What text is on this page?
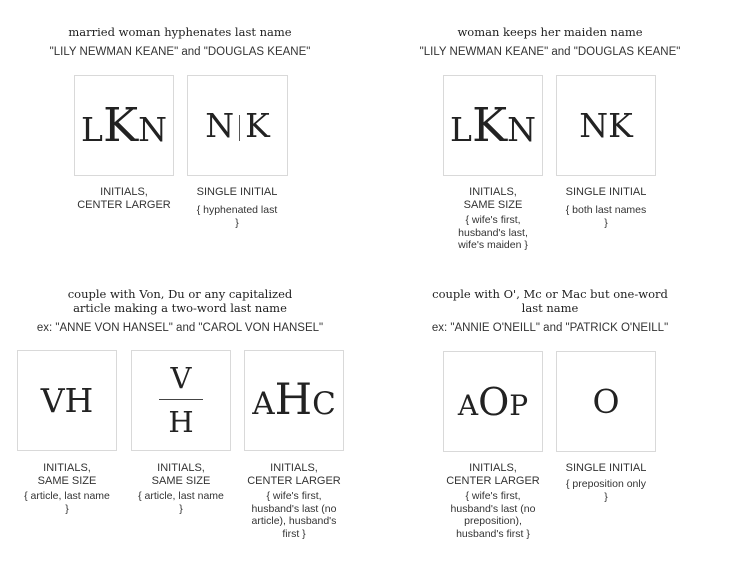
married woman hyphenates last name
"LILY NEWMAN KEANE" and "DOUGLAS KEANE"
LKN N K
INITIALS,
CENTER LARGER
SINGLE INITIAL
{ hyphenated last
}
woman keeps her maiden name
"LILY NEWMAN KEANE" and "DOUGLAS KEANE"
LKN NK
INITIALS,
SAME SIZE
{ wife's first,
husband's last,
wife's maiden }
SINGLE INITIAL
{ both last names
}
couple with Von, Du or any capitalized
article making a two-word last name
ex: "ANNE VON HANSEL" and "CAROL VON HANSEL"
VH
V
H AHC
INITIALS,
SAME SIZE
{ article, last name
}
INITIALS,
SAME SIZE
{ article, last name
}
INITIALS,
CENTER LARGER
{ wife's first,
husband's last (no
article), husband's
first }
couple with O', Mc or Mac but one-word
last name
ex: "ANNIE O'NEILL" and "PATRICK O'NEILL"
AOP O
INITIALS,
CENTER LARGER
{ wife's first,
husband's last (no
preposition),
husband's first }
SINGLE INITIAL
{ preposition only
}
